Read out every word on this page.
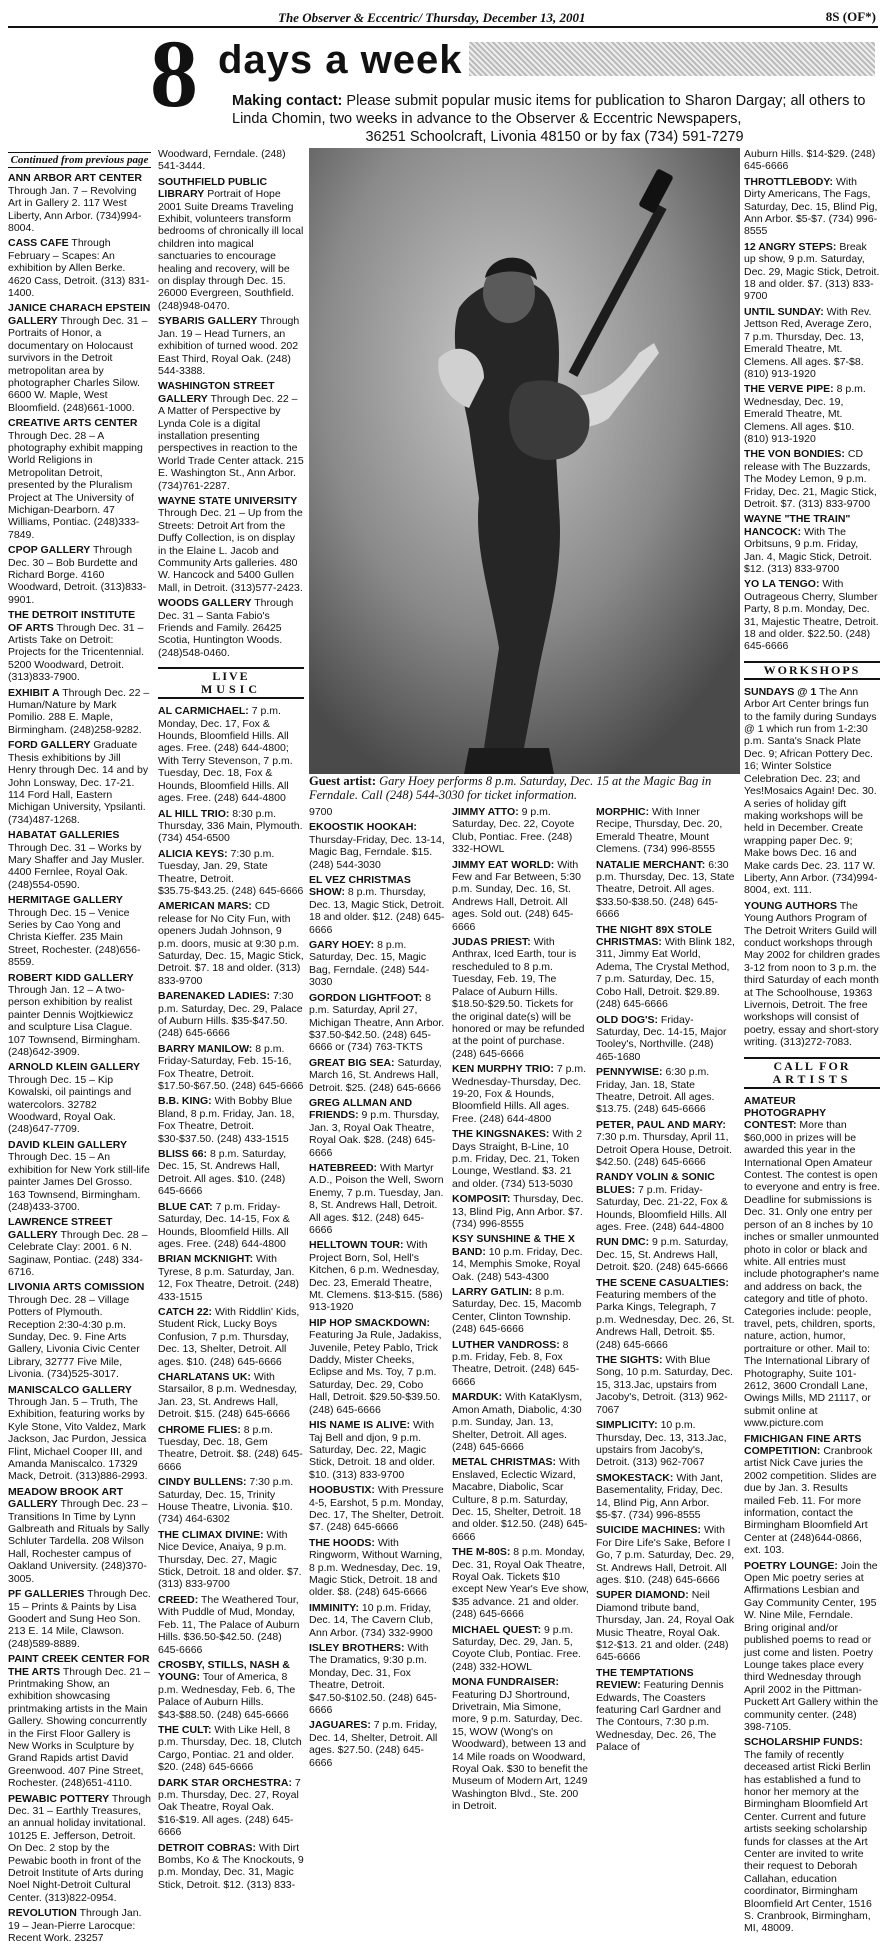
The Observer & Eccentric/ Thursday, December 13, 2001	8S (OF*)
8 days a week
Making contact: Please submit popular music items for publication to Sharon Dargay; all others to Linda Chomin, two weeks in advance to the Observer & Eccentric Newspapers,
36251 Schoolcraft, Livonia 48150 or by fax (734) 591-7279
Continued from previous page

ANN ARBOR ART CENTER Through Jan. 7 – Revolving Art in Gallery 2. 117 West Liberty, Ann Arbor. (734)994-8004.

CASS CAFE Through February – Scapes: An exhibition by Allen Berke. 4620 Cass, Detroit. (313) 831-1400.

JANICE CHARACH EPSTEIN GALLERY Through Dec. 31 – Portraits of Honor, a documentary on Holocaust survivors in the Detroit metropolitan area by photographer Charles Silow. 6600 W. Maple, West Bloomfield. (248)661-1000.

CREATIVE ARTS CENTER Through Dec. 28 – A photography exhibit mapping World Religions in Metropolitan Detroit, presented by the Pluralism Project at The University of Michigan-Dearborn. 47 Williams, Pontiac. (248)333-7849.

CPOP GALLERY Through Dec. 30 – Bob Burdette and Richard Borge. 4160 Woodward, Detroit. (313)833-9901.

THE DETROIT INSTITUTE OF ARTS Through Dec. 31 – Artists Take on Detroit: Projects for the Tricentennial. 5200 Woodward, Detroit. (313)833-7900.

EXHIBIT A Through Dec. 22 – Human/Nature by Mark Pomilio. 288 E. Maple, Birmingham. (248)258-9282.

FORD GALLERY Graduate Thesis exhibitions by Jill Henry through Dec. 14 and by John Lonsway, Dec. 17-21. 114 Ford Hall, Eastern Michigan University, Ypsilanti. (734)487-1268.

HABATAT GALLERIES Through Dec. 31 – Works by Mary Shaffer and Jay Musler. 4400 Fernlee, Royal Oak. (248)554-0590.

HERMITAGE GALLERY Through Dec. 15 – Venice Series by Cao Yong and Christa Kieffer. 235 Main Street, Rochester. (248)656-8559.

ROBERT KIDD GALLERY Through Jan. 12 – A two-person exhibition by realist painter Dennis Wojtkiewicz and sculpture Lisa Clague. 107 Townsend, Birmingham. (248)642-3909.

ARNOLD KLEIN GALLERY Through Dec. 15 – Kip Kowalski, oil paintings and watercolors. 32782 Woodward, Royal Oak. (248)647-7709.

DAVID KLEIN GALLERY Through Dec. 15 – An exhibition for New York still-life painter James Del Grosso. 163 Townsend, Birmingham. (248)433-3700.

LAWRENCE STREET GALLERY Through Dec. 28 – Celebrate Clay: 2001. 6 N. Saginaw, Pontiac. (248) 334-6716.

LIVONIA ARTS COMISSION Through Dec. 28 – Village Potters of Plymouth. Reception 2:30-4:30 p.m. Sunday, Dec. 9. Fine Arts Gallery, Livonia Civic Center Library, 32777 Five Mile, Livonia. (734)525-3017.

MANISCALCO GALLERY Through Jan. 5 – Truth, The Exhibition, featuring works by Kyle Stone, Vito Valdez, Mark Jackson, Jac Purdon, Jessica Flint, Michael Cooper III, and Amanda Maniscalco. 17329 Mack, Detroit. (313)886-2993.

MEADOW BROOK ART GALLERY Through Dec. 23 – Transitions In Time by Lynn Galbreath and Rituals by Sally Schluter Tardella. 208 Wilson Hall, Rochester campus of Oakland University. (248)370-3005.

PF GALLERIES Through Dec. 15 – Prints & Paints by Lisa Goodert and Sung Heo Son. 213 E. 14 Mile, Clawson. (248)589-8889.

PAINT CREEK CENTER FOR THE ARTS Through Dec. 21 – Printmaking Show, an exhibition showcasing printmaking artists in the Main Gallery. Showing concurrently in the First Floor Gallery is New Works in Sculpture by Grand Rapids artist David Greenwood. 407 Pine Street, Rochester. (248)651-4110.

PEWABIC POTTERY Through Dec. 31 – Earthly Treasures, an annual holiday invitational. 10125 E. Jefferson, Detroit. On Dec. 2 stop by the Pewabic booth in front of the Detroit Institute of Arts during Noel Night-Detroit Cultural Center. (313)822-0954.

REVOLUTION Through Jan. 19 – Jean-Pierre Larocque: Recent Work. 23257

Woodward, Ferndale. (248) 541-3444.

SOUTHFIELD PUBLIC LIBRARY Portrait of Hope 2001 Suite Dreams Traveling Exhibit, volunteers transform bedrooms of chronically ill local children into magical sanctuaries to encourage healing and recovery, will be on display through Dec. 15. 26000 Evergreen, Southfield. (248)948-0470.

SYBARIS GALLERY Through Jan. 19 – Head Turners, an exhibition of turned wood. 202 East Third, Royal Oak. (248) 544-3388.

WASHINGTON STREET GALLERY Through Dec. 22 – A Matter of Perspective by Lynda Cole is a digital installation presenting perspectives in reaction to the World Trade Center attack. 215 E. Washington St., Ann Arbor. (734)761-2287.

WAYNE STATE UNIVERSITY Through Dec. 21 – Up from the Streets: Detroit Art from the Duffy Collection, is on display in the Elaine L. Jacob and Community Arts galleries. 480 W. Hancock and 5400 Gullen Mall, in Detroit. (313)577-2423.

WOODS GALLERY Through Dec. 31 – Santa Fabio's Friends and Family. 26425 Scotia, Huntington Woods. (248)548-0460.

LIVE
MUSIC

AL CARMICHAEL: 7 p.m. Monday, Dec. 17, Fox & Hounds, Bloomfield Hills. All ages. Free. (248) 644-4800; With Terry Stevenson, 7 p.m. Tuesday, Dec. 18, Fox & Hounds, Bloomfield Hills. All ages. Free. (248) 644-4800

AL HILL TRIO: 8:30 p.m. Thursday, 336 Main, Plymouth. (734) 454-6500

ALICIA KEYS: 7:30 p.m. Tuesday, Jan. 29, State Theatre, Detroit. $35.75-$43.25. (248) 645-6666

AMERICAN MARS: CD release for No City Fun, with openers Judah Johnson, 9 p.m. doors, music at 9:30 p.m. Saturday, Dec. 15, Magic Stick, Detroit. $7. 18 and older. (313) 833-9700

BARENAKED LADIES: 7:30 p.m. Saturday, Dec. 29, Palace of Auburn Hills. $35-$47.50. (248) 645-6666

BARRY MANILOW: 8 p.m. Friday-Saturday, Feb. 15-16, Fox Theatre, Detroit. $17.50-$67.50. (248) 645-6666

B.B. KING: With Bobby Blue Bland, 8 p.m. Friday, Jan. 18, Fox Theatre, Detroit. $30-$37.50. (248) 433-1515

BLISS 66: 8 p.m. Saturday, Dec. 15, St. Andrews Hall, Detroit. All ages. $10. (248) 645-6666

BLUE CAT: 7 p.m. Friday-Saturday, Dec. 14-15, Fox & Hounds, Bloomfield Hills. All ages. Free. (248) 644-4800

BRIAN MCKNIGHT: With Tyrese, 8 p.m. Saturday, Jan. 12, Fox Theatre, Detroit. (248) 433-1515

CATCH 22: With Riddlin' Kids, Student Rick, Lucky Boys Confusion, 7 p.m. Thursday, Dec. 13, Shelter, Detroit. All ages. $10. (248) 645-6666

CHARLATANS UK: With Starsailor, 8 p.m. Wednesday, Jan. 23, St. Andrews Hall, Detroit. $15. (248) 645-6666

CHROME FLIES: 8 p.m. Tuesday, Dec. 18, Gem Theatre, Detroit. $8. (248) 645-6666

CINDY BULLENS: 7:30 p.m. Saturday, Dec. 15, Trinity House Theatre, Livonia. $10. (734) 464-6302

THE CLIMAX DIVINE: With Nice Device, Anaiya, 9 p.m. Thursday, Dec. 27, Magic Stick, Detroit. 18 and older. $7. (313) 833-9700

CREED: The Weathered Tour, With Puddle of Mud, Monday, Feb. 11, The Palace of Auburn Hills. $36.50-$42.50. (248) 645-6666

CROSBY, STILLS, NASH & YOUNG: Tour of America, 8 p.m. Wednesday, Feb. 6, The Palace of Auburn Hills. $43-$88.50. (248) 645-6666

THE CULT: With Like Hell, 8 p.m. Thursday, Dec. 18, Clutch Cargo, Pontiac. 21 and older. $20. (248) 645-6666

DARK STAR ORCHESTRA: 7 p.m. Thursday, Dec. 27, Royal Oak Theatre, Royal Oak. $16-$19. All ages. (248) 645-6666

DETROIT COBRAS: With Dirt Bombs, Ko & The Knockouts, 9 p.m. Monday, Dec. 31, Magic Stick, Detroit. $12. (313) 833-

Guest artist: Gary Hoey performs 8 p.m. Saturday, Dec. 15 at the Magic Bag in Ferndale. Call (248) 544-3030 for ticket information.

9700

EKOOSTIK HOOKAH: Thursday-Friday, Dec. 13-14, Magic Bag, Ferndale. $15. (248) 544-3030

EL VEZ CHRISTMAS SHOW: 8 p.m. Thursday, Dec. 13, Magic Stick, Detroit. 18 and older. $12. (248) 645-6666

GARY HOEY: 8 p.m. Saturday, Dec. 15, Magic Bag, Ferndale. (248) 544-3030

GORDON LIGHTFOOT: 8 p.m. Saturday, April 27, Michigan Theatre, Ann Arbor. $37.50-$42.50. (248) 645-6666 or (734) 763-TKTS

GREAT BIG SEA: Saturday, March 16, St. Andrews Hall, Detroit. $25. (248) 645-6666

GREG ALLMAN AND FRIENDS: 9 p.m. Thursday, Jan. 3, Royal Oak Theatre, Royal Oak. $28. (248) 645-6666

HATEBREED: With Martyr A.D., Poison the Well, Sworn Enemy, 7 p.m. Tuesday, Jan. 8, St. Andrews Hall, Detroit. All ages. $12. (248) 645-6666

HELLTOWN TOUR: With Project Born, Sol, Hell's Kitchen, 6 p.m. Wednesday, Dec. 23, Emerald Theatre, Mt. Clemens. $13-$15. (586) 913-1920

HIP HOP SMACKDOWN: Featuring Ja Rule, Jadakiss, Juvenile, Petey Pablo, Trick Daddy, Mister Cheeks, Eclipse and Ms. Toy, 7 p.m. Saturday, Dec. 29, Cobo Hall, Detroit. $29.50-$39.50. (248) 645-6666

HIS NAME IS ALIVE: With Taj Bell and djon, 9 p.m. Saturday, Dec. 22, Magic Stick, Detroit. 18 and older. $10. (313) 833-9700

HOOBUSTIX: With Pressure 4-5, Earshot, 5 p.m. Monday, Dec. 17, The Shelter, Detroit. $7. (248) 645-6666

THE HOODS: With Ringworm, Without Warning, 8 p.m. Wednesday, Dec. 19, Magic Stick, Detroit. 18 and older. $8. (248) 645-6666

IMMINITY: 10 p.m. Friday, Dec. 14, The Cavern Club, Ann Arbor. (734) 332-9900

ISLEY BROTHERS: With The Dramatics, 9:30 p.m. Monday, Dec. 31, Fox Theatre, Detroit. $47.50-$102.50. (248) 645-6666

JAGUARES: 7 p.m. Friday, Dec. 14, Shelter, Detroit. All ages. $27.50. (248) 645-6666

JIMMY ATTO: 9 p.m. Saturday, Dec. 22, Coyote Club, Pontiac. Free. (248) 332-HOWL

JIMMY EAT WORLD: With Few and Far Between, 5:30 p.m. Sunday, Dec. 16, St. Andrews Hall, Detroit. All ages. Sold out. (248) 645-6666

JUDAS PRIEST: With Anthrax, Iced Earth, tour is rescheduled to 8 p.m. Tuesday, Feb. 19, The Palace of Auburn Hills. $18.50-$29.50. Tickets for the original date(s) will be honored or may be refunded at the point of purchase. (248) 645-6666

KEN MURPHY TRIO: 7 p.m. Wednesday-Thursday, Dec. 19-20, Fox & Hounds, Bloomfield Hills. All ages. Free. (248) 644-4800

THE KINGSNAKES: With 2 Days Straight, B-Line, 10 p.m. Friday, Dec. 21, Token Lounge, Westland. $3. 21 and older. (734) 513-5030

KOMPOSIT: Thursday, Dec. 13, Blind Pig, Ann Arbor. $7. (734) 996-8555

KSY SUNSHINE & THE X BAND: 10 p.m. Friday, Dec. 14, Memphis Smoke, Royal Oak. (248) 543-4300

LARRY GATLIN: 8 p.m. Saturday, Dec. 15, Macomb Center, Clinton Township. (248) 645-6666

LUTHER VANDROSS: 8 p.m. Friday, Feb. 8, Fox Theatre, Detroit. (248) 645-6666

MARDUK: With KataKlysm, Amon Amath, Diabolic, 4:30 p.m. Sunday, Jan. 13, Shelter, Detroit. All ages. (248) 645-6666

METAL CHRISTMAS: With Enslaved, Eclectic Wizard, Macabre, Diabolic, Scar Culture, 8 p.m. Saturday, Dec. 15, Shelter, Detroit. 18 and older. $12.50. (248) 645-6666

THE M-80S: 8 p.m. Monday, Dec. 31, Royal Oak Theatre, Royal Oak. Tickets $10 except New Year's Eve show, $35 advance. 21 and older. (248) 645-6666

MICHAEL QUEST: 9 p.m. Saturday, Dec. 29, Jan. 5, Coyote Club, Pontiac. Free. (248) 332-HOWL

MONA FUNDRAISER: Featuring DJ Shortround, Drivetrain, Mia Simone, more, 9 p.m. Saturday, Dec. 15, WOW (Wong's on Woodward), between 13 and 14 Mile roads on Woodward, Royal Oak. $30 to benefit the Museum of Modern Art, 1249 Washington Blvd., Ste. 200 in Detroit.

MORPHIC: With Inner Recipe, Thursday, Dec. 20, Emerald Theatre, Mount Clemens. (734) 996-8555

NATALIE MERCHANT: 6:30 p.m. Thursday, Dec. 13, State Theatre, Detroit. All ages. $33.50-$38.50. (248) 645-6666

THE NIGHT 89X STOLE CHRISTMAS: With Blink 182, 311, Jimmy Eat World, Adema, The Crystal Method, 7 p.m. Saturday, Dec. 15, Cobo Hall, Detroit. $29.89. (248) 645-6666

OLD DOG'S: Friday-Saturday, Dec. 14-15, Major Tooley's, Northville. (248) 465-1680

PENNYWISE: 6:30 p.m. Friday, Jan. 18, State Theatre, Detroit. All ages. $13.75. (248) 645-6666

PETER, PAUL AND MARY: 7:30 p.m. Thursday, April 11, Detroit Opera House, Detroit. $42.50. (248) 645-6666

RANDY VOLIN & SONIC BLUES: 7 p.m. Friday-Saturday, Dec. 21-22, Fox & Hounds, Bloomfield Hills. All ages. Free. (248) 644-4800

RUN DMC: 9 p.m. Saturday, Dec. 15, St. Andrews Hall, Detroit. $20. (248) 645-6666

THE SCENE CASUALTIES: Featuring members of the Parka Kings, Telegraph, 7 p.m. Wednesday, Dec. 26, St. Andrews Hall, Detroit. $5. (248) 645-6666

THE SIGHTS: With Blue Song, 10 p.m. Saturday, Dec. 15, 313.Jac, upstairs from Jacoby's, Detroit. (313) 962-7067

SIMPLICITY: 10 p.m. Thursday, Dec. 13, 313.Jac, upstairs from Jacoby's, Detroit. (313) 962-7067

SMOKESTACK: With Jant, Basementality, Friday, Dec. 14, Blind Pig, Ann Arbor. $5-$7. (734) 996-8555

SUICIDE MACHINES: With For Dire Life's Sake, Before I Go, 7 p.m. Saturday, Dec. 29, St. Andrews Hall, Detroit. All ages. $10. (248) 645-6666

SUPER DIAMOND: Neil Diamond tribute band, Thursday, Jan. 24, Royal Oak Music Theatre, Royal Oak. $12-$13. 21 and older. (248) 645-6666

THE TEMPTATIONS REVIEW: Featuring Dennis Edwards, The Coasters featuring Carl Gardner and The Contours, 7:30 p.m. Wednesday, Dec. 26, The Palace of

Auburn Hills. $14-$29. (248) 645-6666

THROTTLEBODY: With Dirty Americans, The Fags, Saturday, Dec. 15, Blind Pig, Ann Arbor. $5-$7. (734) 996-8555

12 ANGRY STEPS: Break up show, 9 p.m. Saturday, Dec. 29, Magic Stick, Detroit. 18 and older. $7. (313) 833-9700

UNTIL SUNDAY: With Rev. Jettson Red, Average Zero, 7 p.m. Thursday, Dec. 13, Emerald Theatre, Mt. Clemens. All ages. $7-$8. (810) 913-1920

THE VERVE PIPE: 8 p.m. Wednesday, Dec. 19, Emerald Theatre, Mt. Clemens. All ages. $10. (810) 913-1920

THE VON BONDIES: CD release with The Buzzards, The Modey Lemon, 9 p.m. Friday, Dec. 21, Magic Stick, Detroit. $7. (313) 833-9700

WAYNE "THE TRAIN" HANCOCK: With The Orbitsuns, 9 p.m. Friday, Jan. 4, Magic Stick, Detroit. $12. (313) 833-9700

YO LA TENGO: With Outrageous Cherry, Slumber Party, 8 p.m. Monday, Dec. 31, Majestic Theatre, Detroit. 18 and older. $22.50. (248) 645-6666

WORKSHOPS

SUNDAYS @ 1 The Ann Arbor Art Center brings fun to the family during Sundays @ 1 which run from 1-2:30 p.m. Santa's Snack Plate Dec. 9; African Pottery Dec. 16; Winter Solstice Celebration Dec. 23; and Yes!Mosaics Again! Dec. 30. A series of holiday gift making workshops will be held in December. Create wrapping paper Dec. 9; Make bows Dec. 16 and Make cards Dec. 23. 117 W. Liberty, Ann Arbor. (734)994-8004, ext. 111.

YOUNG AUTHORS The Young Authors Program of The Detroit Writers Guild will conduct workshops through May 2002 for children grades 3-12 from noon to 3 p.m. the third Saturday of each month at The Schoolhouse, 19363 Livernois, Detroit. The free workshops will consist of poetry, essay and short-story writing. (313)272-7083.

CALL FOR
ARTISTS

AMATEUR PHOTOGRAPHY CONTEST: More than $60,000 in prizes will be awarded this year in the International Open Amateur Contest. The contest is open to everyone and entry is free. Deadline for submissions is Dec. 31. Only one entry per person of an 8 inches by 10 inches or smaller unmounted photo in color or black and white. All entries must include photographer's name and address on back, the category and title of photo. Categories include: people, travel, pets, children, sports, nature, action, humor, portraiture or other. Mail to: The International Library of Photography, Suite 101-2612, 3600 Crondall Lane, Owings Mills, MD 21117, or submit online at www.picture.com

FMICHIGAN FINE ARTS COMPETITION: Cranbrook artist Nick Cave juries the 2002 competition. Slides are due by Jan. 3. Results mailed Feb. 11. For more information, contact the Birmingham Bloomfield Art Center at (248)644-0866, ext. 103.

POETRY LOUNGE: Join the Open Mic poetry series at Affirmations Lesbian and Gay Community Center, 195 W. Nine Mile, Ferndale. Bring original and/or published poems to read or just come and listen. Poetry Lounge takes place every third Wednesday through April 2002 in the Pittman-Puckett Art Gallery within the community center. (248) 398-7105.

SCHOLARSHIP FUNDS: The family of recently deceased artist Ricki Berlin has established a fund to honor her memory at the Birmingham Bloomfield Art Center. Current and future artists seeking scholarship funds for classes at the Art Center are invited to write their request to Deborah Callahan, education coordinator, Birmingham Bloomfield Art Center, 1516 S. Cranbrook, Birmingham, MI, 48009.
